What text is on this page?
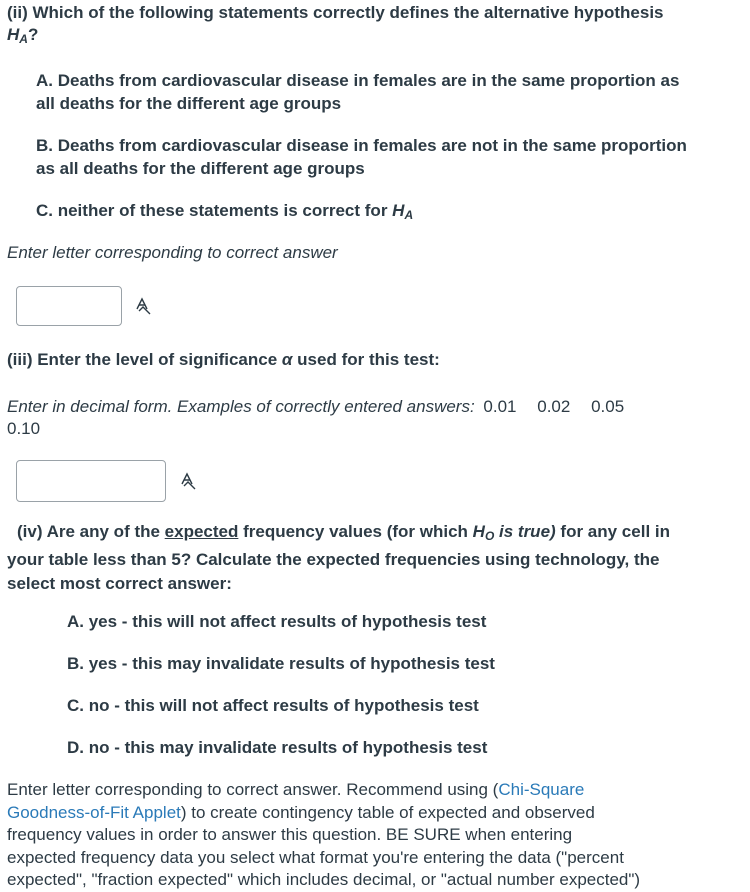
(ii) Which of the following statements correctly defines the alternative hypothesis
$H_A$?
A. Deaths from cardiovascular disease in females are in the same proportion as
all deaths for the different age groups
B. Deaths from cardiovascular disease in females are not in the same proportion
as all deaths for the different age groups
C. neither of these statements is correct for $H_A$
Enter letter corresponding to correct answer
(iii) Enter the level of significance α used for this test:
Enter in decimal form. Examples of correctly entered answers: 0.01 0.02 0.05
0.10
(iv) Are any of the expected frequency values (for which $H_O$ is true) for any cell in
your table less than 5? Calculate the expected frequencies using technology, the
select most correct answer:
A. yes - this will not affect results of hypothesis test
B. yes - this may invalidate results of hypothesis test
C. no - this will not affect results of hypothesis test
D. no - this may invalidate results of hypothesis test
Enter letter corresponding to correct answer. Recommend using (Chi-Square
Goodness-of-Fit Applet) to create contingency table of expected and observed
frequency values in order to answer this question. BE SURE when entering
expected frequency data you select what format you're entering the data ("percent
expected", "fraction expected" which includes decimal, or "actual number expected")
